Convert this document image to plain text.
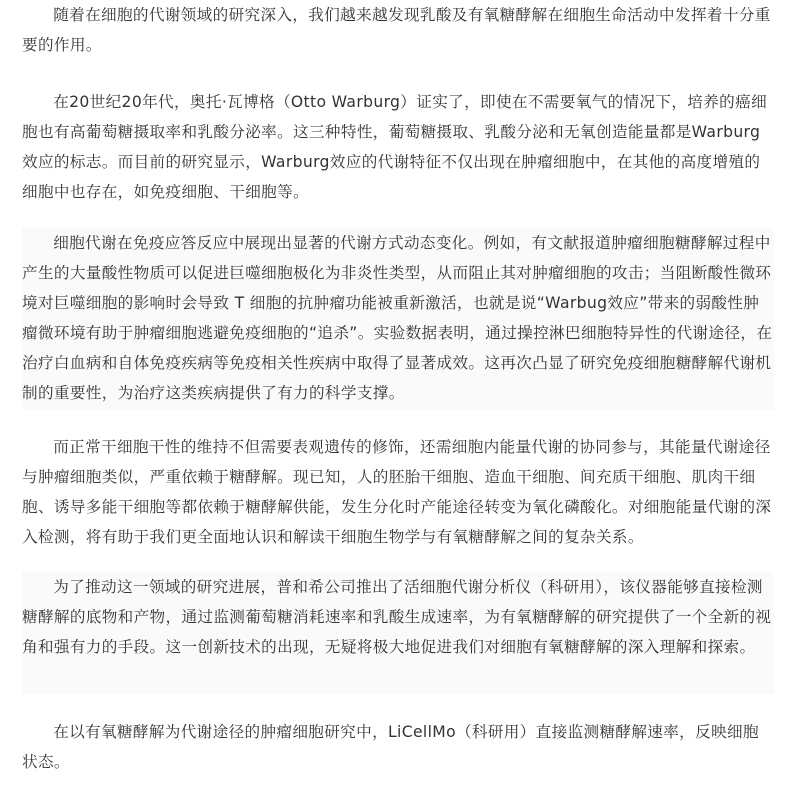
随着在细胞的代谢领域的研究深入，我们越来越发现乳酸及有氧糖酵解在细胞生命活动中发挥着十分重要的作用。

在20世纪20年代，奥托·瓦博格（Otto Warburg）证实了，即使在不需要氧气的情况下，培养的癌细胞也有高葡萄糖摄取率和乳酸分泌率。这三种特性，葡萄糖摄取、乳酸分泌和无氧创造能量都是Warburg效应的标志。而目前的研究显示，Warburg效应的代谢特征不仅出现在肿瘤细胞中，在其他的高度增殖的细胞中也存在，如免疫细胞、干细胞等。

细胞代谢在免疫应答反应中展现出显著的代谢方式动态变化。例如，有文献报道肿瘤细胞糖酵解过程中产生的大量酸性物质可以促进巨噬细胞极化为非炎性类型，从而阻止其对肿瘤细胞的攻击；当阻断酸性微环境对巨噬细胞的影响时会导致 T 细胞的抗肿瘤功能被重新激活，也就是说“Warbug效应”带来的弱酸性肿瘤微环境有助于肿瘤细胞逃避免疫细胞的“追杀”。实验数据表明，通过操控淋巴细胞特异性的代谢途径，在治疗白血病和自体免疫疾病等免疫相关性疾病中取得了显著成效。这再次凸显了研究免疫细胞糖酵解代谢机制的重要性，为治疗这类疾病提供了有力的科学支撑。

而正常干细胞干性的维持不但需要表观遗传的修饰，还需细胞内能量代谢的协同参与，其能量代谢途径与肿瘤细胞类似，严重依赖于糖酵解。现已知，人的胚胎干细胞、造血干细胞、间充质干细胞、肌肉干细胞、诱导多能干细胞等都依赖于糖酵解供能，发生分化时产能途径转变为氧化磷酸化。对细胞能量代谢的深入检测，将有助于我们更全面地认识和解读干细胞生物学与有氧糖酵解之间的复杂关系。

为了推动这一领域的研究进展，普和希公司推出了活细胞代谢分析仪（科研用），该仪器能够直接检测糖酵解的底物和产物，通过监测葡萄糖消耗速率和乳酸生成速率，为有氧糖酵解的研究提供了一个全新的视角和强有力的手段。这一创新技术的出现，无疑将极大地促进我们对细胞有氧糖酵解的深入理解和探索。

在以有氧糖酵解为代谢途径的肿瘤细胞研究中，LiCellMo（科研用）直接监测糖酵解速率，反映细胞状态。
